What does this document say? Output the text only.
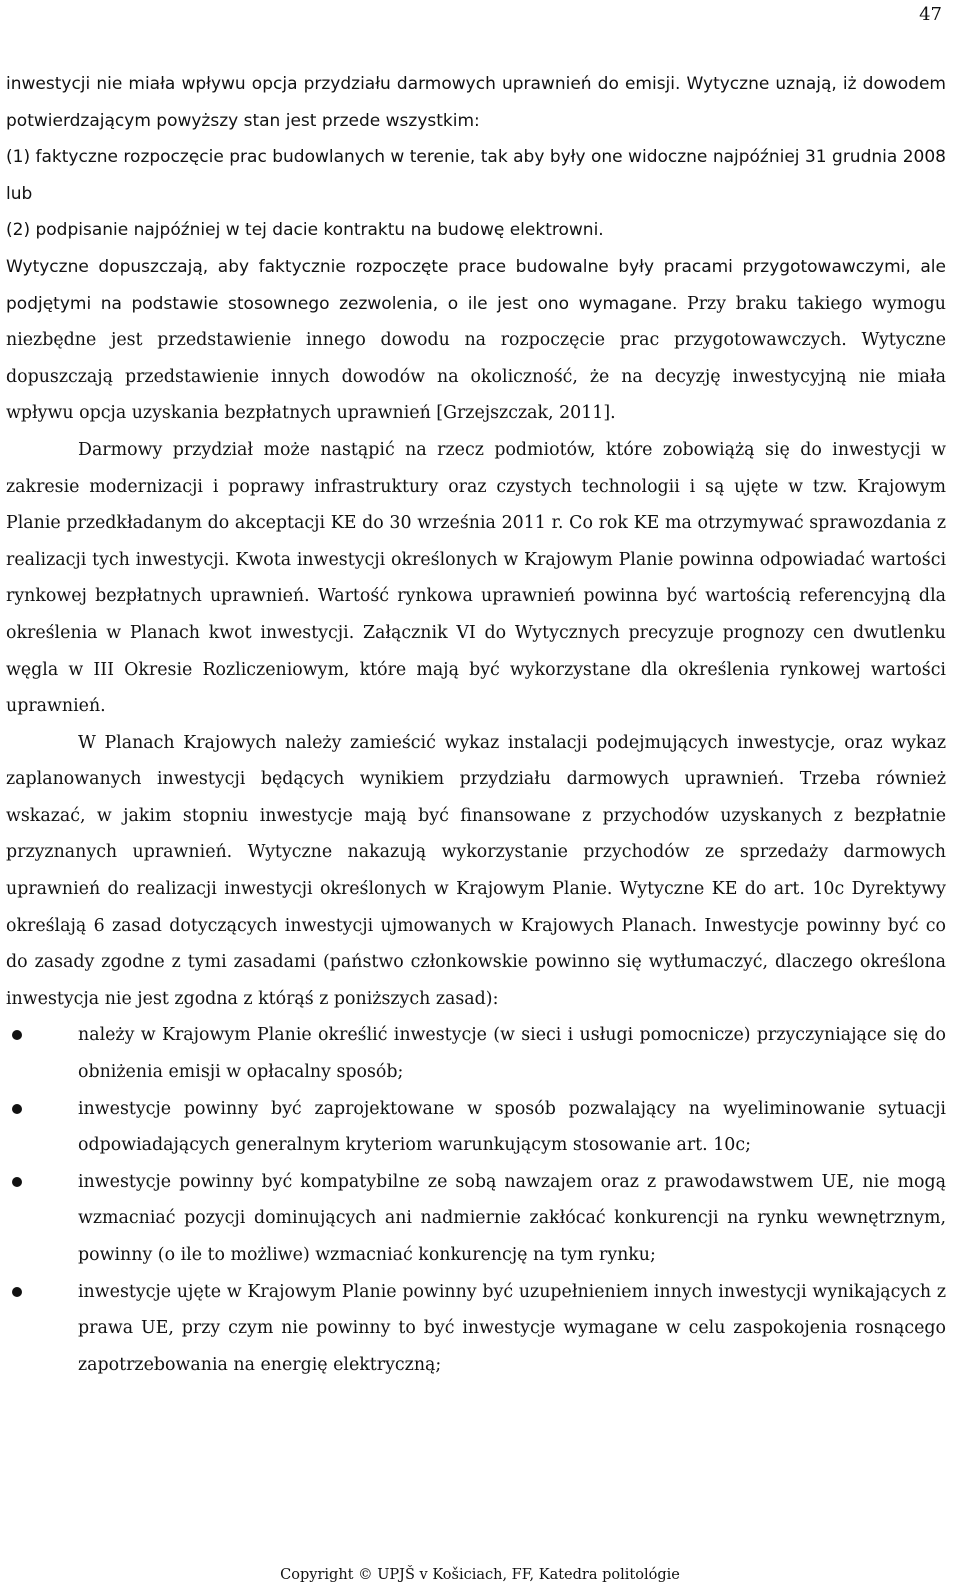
47

inwestycji nie miała wpływu opcja przydziału darmowych uprawnień do emisji. Wytyczne uznają, iż dowodem potwierdzającym powyższy stan jest przede wszystkim:

(1) faktyczne rozpoczęcie prac budowlanych w terenie, tak aby były one widoczne najpóźniej 31 grudnia 2008 lub

(2) podpisanie najpóźniej w tej dacie kontraktu na budowę elektrowni.

Wytyczne dopuszczają, aby faktycznie rozpoczęte prace budowalne były pracami przygotowawczymi, ale podjętymi na podstawie stosownego zezwolenia, o ile jest ono wymagane. Przy braku takiego wymogu niezbędne jest przedstawienie innego dowodu na rozpoczęcie prac przygotowawczych. Wytyczne dopuszczają przedstawienie innych dowodów na okoliczność, że na decyzję inwestycyjną nie miała wpływu opcja uzyskania bezpłatnych uprawnień [Grzejszczak, 2011].

Darmowy przydział może nastąpić na rzecz podmiotów, które zobowiążą się do inwestycji w zakresie modernizacji i poprawy infrastruktury oraz czystych technologii i są ujęte w tzw. Krajowym Planie przedkładanym do akceptacji KE do 30 września 2011 r. Co rok KE ma otrzymywać sprawozdania z realizacji tych inwestycji. Kwota inwestycji określonych w Krajowym Planie powinna odpowiadać wartości rynkowej bezpłatnych uprawnień. Wartość rynkowa uprawnień powinna być wartością referencyjną dla określenia w Planach kwot inwestycji. Załącznik VI do Wytycznych precyzuje prognozy cen dwutlenku węgla w III Okresie Rozliczeniowym, które mają być wykorzystane dla określenia rynkowej wartości uprawnień.

W Planach Krajowych należy zamieścić wykaz instalacji podejmujących inwestycje, oraz wykaz zaplanowanych inwestycji będących wynikiem przydziału darmowych uprawnień. Trzeba również wskazać, w jakim stopniu inwestycje mają być finansowane z przychodów uzyskanych z bezpłatnie przyznanych uprawnień. Wytyczne nakazują wykorzystanie przychodów ze sprzedaży darmowych uprawnień do realizacji inwestycji określonych w Krajowym Planie. Wytyczne KE do art. 10c Dyrektywy określają 6 zasad dotyczących inwestycji ujmowanych w Krajowych Planach. Inwestycje powinny być co do zasady zgodne z tymi zasadami (państwo członkowskie powinno się wytłumaczyć, dlaczego określona inwestycja nie jest zgodna z którąś z poniższych zasad):

należy w Krajowym Planie określić inwestycje (w sieci i usługi pomocnicze) przyczyniające się do obniżenia emisji w opłacalny sposób;
inwestycje powinny być zaprojektowane w sposób pozwalający na wyeliminowanie sytuacji odpowiadających generalnym kryteriom warunkującym stosowanie art. 10c;
inwestycje powinny być kompatybilne ze sobą nawzajem oraz z prawodawstwem UE, nie mogą wzmacniać pozycji dominujących ani nadmiernie zakłócać konkurencji na rynku wewnętrznym, powinny (o ile to możliwe) wzmacniać konkurencję na tym rynku;
inwestycje ujęte w Krajowym Planie powinny być uzupełnieniem innych inwestycji wynikających z prawa UE, przy czym nie powinny to być inwestycje wymagane w celu zaspokojenia rosnącego zapotrzebowania na energię elektryczną;
Copyright © UPJŠ v Košiciach, FF, Katedra politológie
